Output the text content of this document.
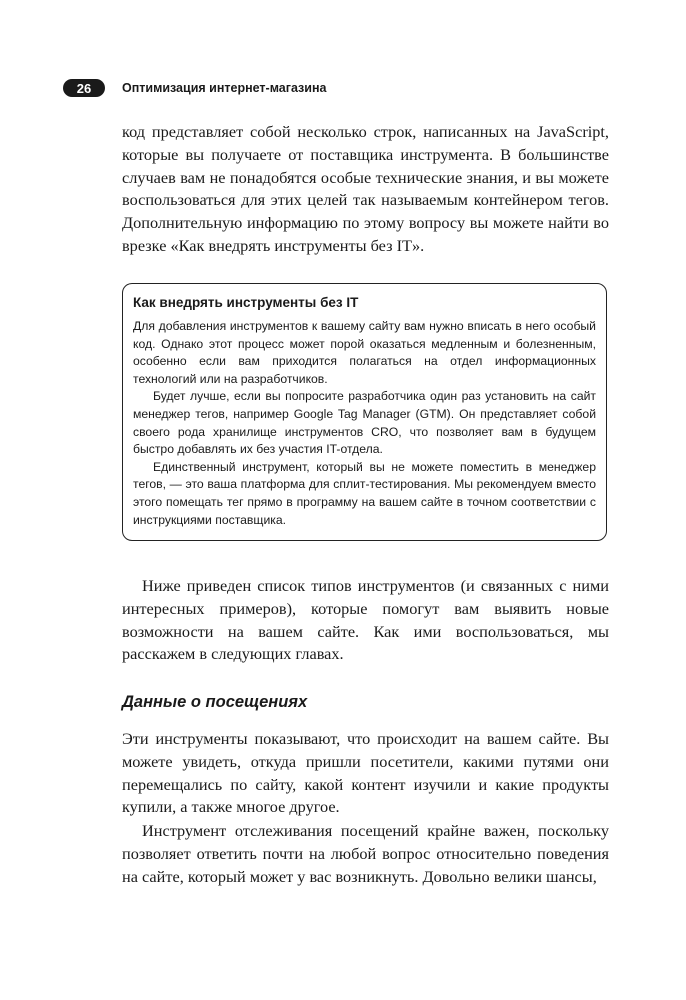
26	Оптимизация интернет-магазина

код представляет собой несколько строк, написанных на JavaScript, которые вы получаете от поставщика инструмента. В большинстве случаев вам не понадобятся особые технические знания, и вы можете воспользоваться для этих целей так называемым контейнером тегов. Дополнительную информацию по этому вопросу вы можете найти во врезке «Как внедрять инструменты без IT».

Как внедрять инструменты без IT

Для добавления инструментов к вашему сайту вам нужно вписать в него особый код. Однако этот процесс может порой оказаться медленным и болезненным, особенно если вам приходится полагаться на отдел информационных технологий или на разработчиков.

Будет лучше, если вы попросите разработчика один раз установить на сайт менеджер тегов, например Google Tag Manager (GTM). Он представляет собой своего рода хранилище инструментов CRO, что позволяет вам в будущем быстро добавлять их без участия IT-отдела.

Единственный инструмент, который вы не можете поместить в менеджер тегов, — это ваша платформа для сплит-тестирования. Мы рекомендуем вместо этого помещать тег прямо в программу на вашем сайте в точном соответствии с инструкциями поставщика.

Ниже приведен список типов инструментов (и связанных с ними интересных примеров), которые помогут вам выявить новые возможности на вашем сайте. Как ими воспользоваться, мы расскажем в следующих главах.

Данные о посещениях

Эти инструменты показывают, что происходит на вашем сайте. Вы можете увидеть, откуда пришли посетители, какими путями они перемещались по сайту, какой контент изучили и какие продукты купили, а также многое другое.

Инструмент отслеживания посещений крайне важен, поскольку позволяет ответить почти на любой вопрос относительно поведения на сайте, который может у вас возникнуть. Довольно велики шансы,
